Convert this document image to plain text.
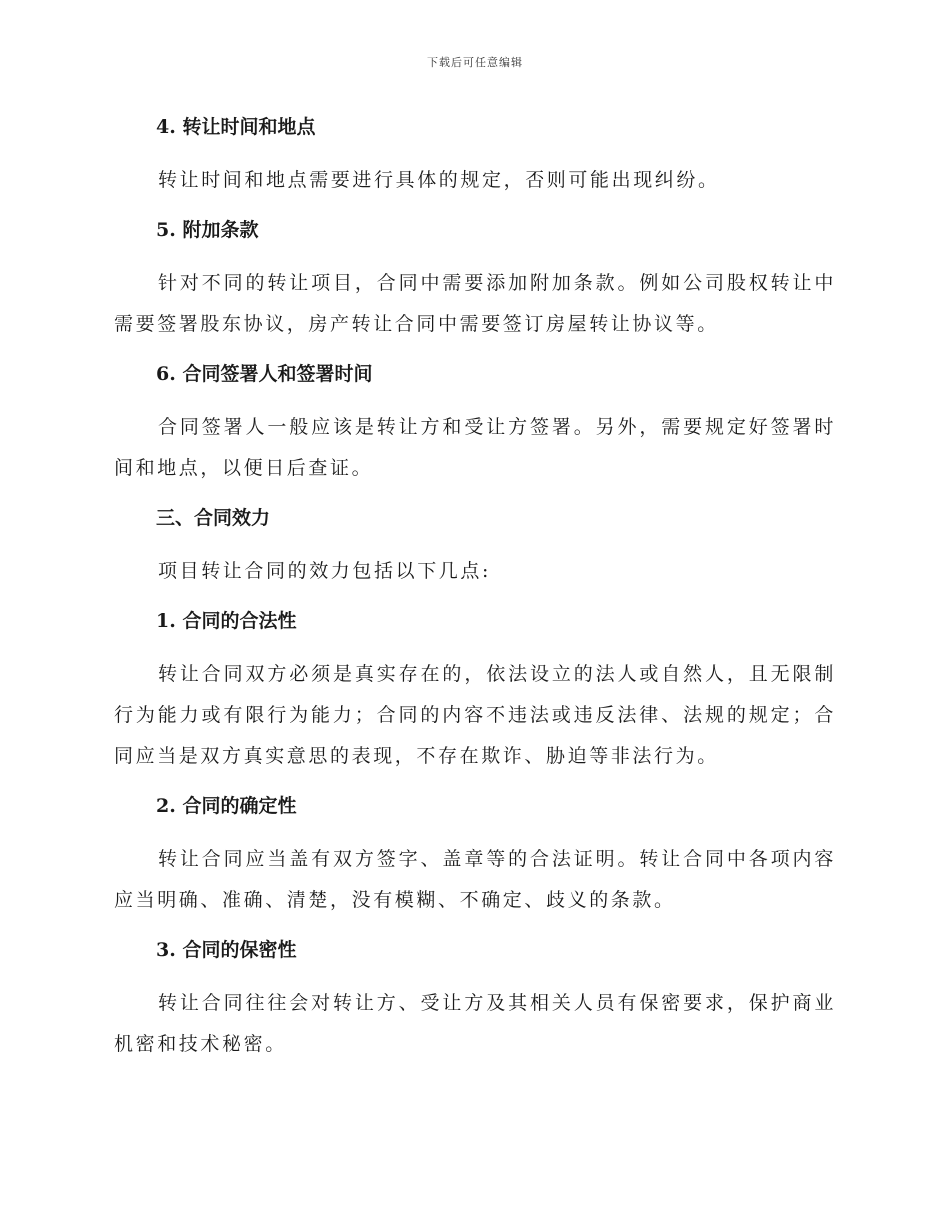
下载后可任意编辑
4. 转让时间和地点

转让时间和地点需要进行具体的规定，否则可能出现纠纷。

5. 附加条款

针对不同的转让项目，合同中需要添加附加条款。例如公司股权转让中需要签署股东协议，房产转让合同中需要签订房屋转让协议等。

6. 合同签署人和签署时间

合同签署人一般应该是转让方和受让方签署。另外，需要规定好签署时间和地点，以便日后查证。

三、合同效力

项目转让合同的效力包括以下几点:

1. 合同的合法性

转让合同双方必须是真实存在的，依法设立的法人或自然人，且无限制行为能力或有限行为能力；合同的内容不违法或违反法律、法规的规定；合同应当是双方真实意思的表现，不存在欺诈、胁迫等非法行为。

2. 合同的确定性

转让合同应当盖有双方签字、盖章等的合法证明。转让合同中各项内容应当明确、准确、清楚，没有模糊、不确定、歧义的条款。

3. 合同的保密性

转让合同往往会对转让方、受让方及其相关人员有保密要求，保护商业机密和技术秘密。
